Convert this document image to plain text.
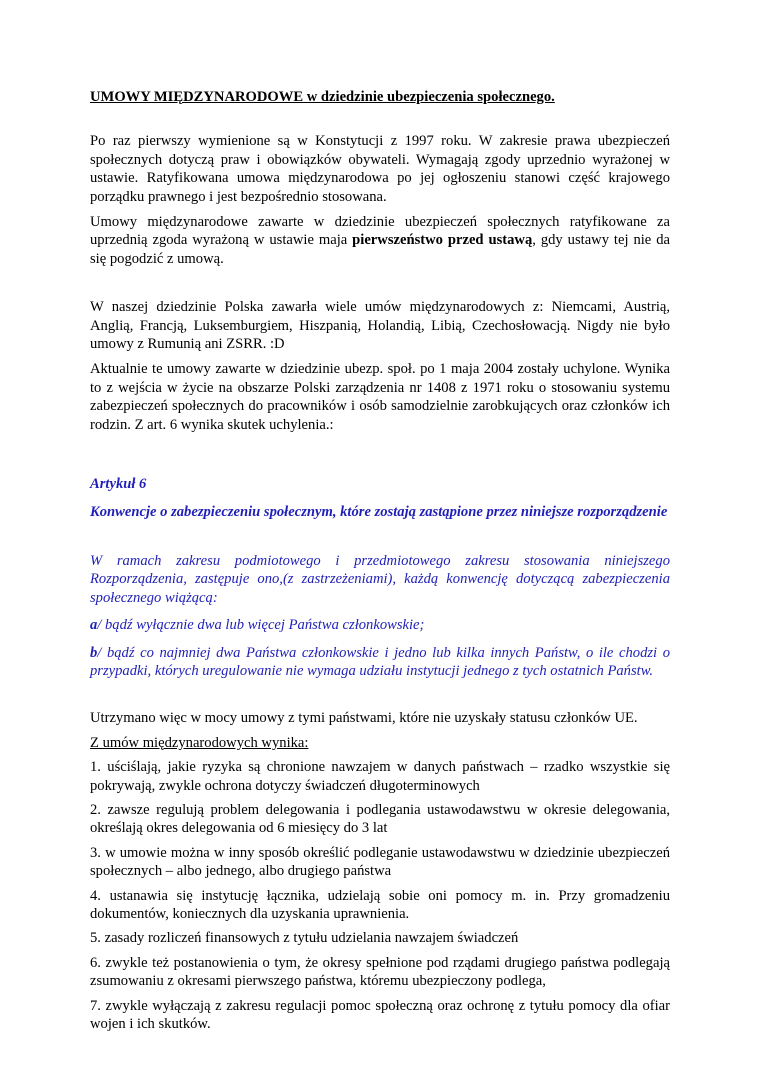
UMOWY MIĘDZYNARODOWE w dziedzinie ubezpieczenia społecznego.

Po raz pierwszy wymienione są w Konstytucji z 1997 roku. W zakresie prawa ubezpieczeń społecznych dotyczą praw i obowiązków obywateli. Wymagają zgody uprzednio wyrażonej w ustawie. Ratyfikowana umowa międzynarodowa po jej ogłoszeniu stanowi część krajowego porządku prawnego i jest bezpośrednio stosowana.

Umowy międzynarodowe zawarte w dziedzinie ubezpieczeń społecznych ratyfikowane za uprzednią zgoda wyrażoną w ustawie maja pierwszeństwo przed ustawą, gdy ustawy tej nie da się pogodzić z umową.

W naszej dziedzinie Polska zawarła wiele umów międzynarodowych z: Niemcami, Austrią, Anglią, Francją, Luksemburgiem, Hiszpanią, Holandią, Libią, Czechosłowacją. Nigdy nie było umowy z Rumunią ani ZSRR. :D

Aktualnie te umowy zawarte w dziedzinie ubezp. społ. po 1 maja 2004 zostały uchylone. Wynika to z wejścia w życie na obszarze Polski zarządzenia nr 1408 z 1971 roku o stosowaniu systemu zabezpieczeń społecznych do pracowników i osób samodzielnie zarobkujących oraz członków ich rodzin. Z art. 6 wynika skutek uchylenia.:

Artykuł 6

Konwencje o zabezpieczeniu społecznym, które zostają zastąpione przez niniejsze rozporządzenie

W ramach zakresu podmiotowego i przedmiotowego zakresu stosowania niniejszego Rozporządzenia, zastępuje ono,(z zastrzeżeniami), każdą konwencję dotyczącą zabezpieczenia społecznego wiążącą:

a/ bądź wyłącznie dwa lub więcej Państwa członkowskie;

b/ bądź co najmniej dwa Państwa członkowskie i jedno lub kilka innych Państw, o ile chodzi o przypadki, których uregulowanie nie wymaga udziału instytucji jednego z tych ostatnich Państw.

Utrzymano więc w mocy umowy z tymi państwami, które nie uzyskały statusu członków UE.

Z umów międzynarodowych wynika:

1. uściślają, jakie ryzyka są chronione nawzajem w danych państwach – rzadko wszystkie się pokrywają, zwykle ochrona dotyczy świadczeń długoterminowych

2. zawsze regulują problem delegowania i podlegania ustawodawstwu w okresie delegowania, określają okres delegowania od 6 miesięcy do 3 lat

3. w umowie można w inny sposób określić podleganie ustawodawstwu w dziedzinie ubezpieczeń społecznych – albo jednego, albo drugiego państwa

4. ustanawia się instytucję łącznika, udzielają sobie oni pomocy m. in. Przy gromadzeniu dokumentów, koniecznych dla uzyskania uprawnienia.

5. zasady rozliczeń finansowych z tytułu udzielania nawzajem świadczeń

6. zwykle też postanowienia o tym, że okresy spełnione pod rządami drugiego państwa podlegają zsumowaniu z okresami pierwszego państwa, któremu ubezpieczony podlega,

7. zwykle wyłączają z zakresu regulacji pomoc społeczną oraz ochronę z tytułu pomocy dla ofiar wojen i ich skutków.
